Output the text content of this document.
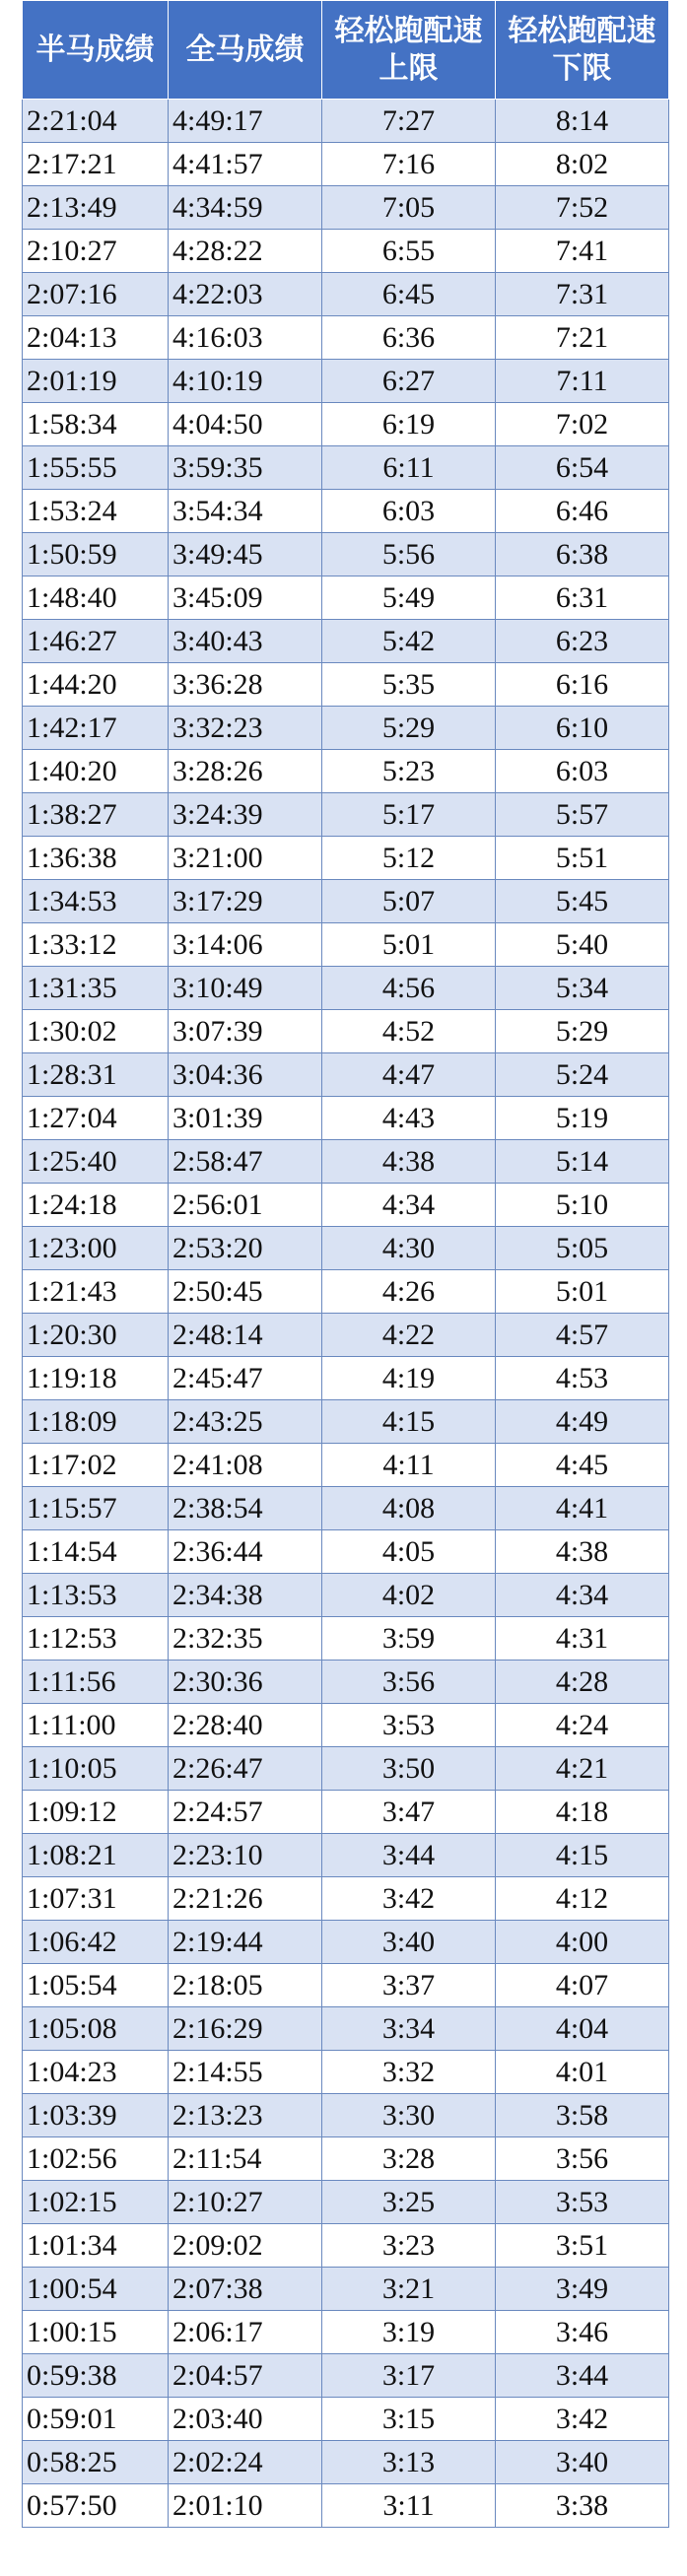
半马成绩	全马成绩	轻松跑配速上限	轻松跑配速下限
2:21:04	4:49:17	7:27	8:14
2:17:21	4:41:57	7:16	8:02
2:13:49	4:34:59	7:05	7:52
2:10:27	4:28:22	6:55	7:41
2:07:16	4:22:03	6:45	7:31
2:04:13	4:16:03	6:36	7:21
2:01:19	4:10:19	6:27	7:11
1:58:34	4:04:50	6:19	7:02
1:55:55	3:59:35	6:11	6:54
1:53:24	3:54:34	6:03	6:46
1:50:59	3:49:45	5:56	6:38
1:48:40	3:45:09	5:49	6:31
1:46:27	3:40:43	5:42	6:23
1:44:20	3:36:28	5:35	6:16
1:42:17	3:32:23	5:29	6:10
1:40:20	3:28:26	5:23	6:03
1:38:27	3:24:39	5:17	5:57
1:36:38	3:21:00	5:12	5:51
1:34:53	3:17:29	5:07	5:45
1:33:12	3:14:06	5:01	5:40
1:31:35	3:10:49	4:56	5:34
1:30:02	3:07:39	4:52	5:29
1:28:31	3:04:36	4:47	5:24
1:27:04	3:01:39	4:43	5:19
1:25:40	2:58:47	4:38	5:14
1:24:18	2:56:01	4:34	5:10
1:23:00	2:53:20	4:30	5:05
1:21:43	2:50:45	4:26	5:01
1:20:30	2:48:14	4:22	4:57
1:19:18	2:45:47	4:19	4:53
1:18:09	2:43:25	4:15	4:49
1:17:02	2:41:08	4:11	4:45
1:15:57	2:38:54	4:08	4:41
1:14:54	2:36:44	4:05	4:38
1:13:53	2:34:38	4:02	4:34
1:12:53	2:32:35	3:59	4:31
1:11:56	2:30:36	3:56	4:28
1:11:00	2:28:40	3:53	4:24
1:10:05	2:26:47	3:50	4:21
1:09:12	2:24:57	3:47	4:18
1:08:21	2:23:10	3:44	4:15
1:07:31	2:21:26	3:42	4:12
1:06:42	2:19:44	3:40	4:00
1:05:54	2:18:05	3:37	4:07
1:05:08	2:16:29	3:34	4:04
1:04:23	2:14:55	3:32	4:01
1:03:39	2:13:23	3:30	3:58
1:02:56	2:11:54	3:28	3:56
1:02:15	2:10:27	3:25	3:53
1:01:34	2:09:02	3:23	3:51
1:00:54	2:07:38	3:21	3:49
1:00:15	2:06:17	3:19	3:46
0:59:38	2:04:57	3:17	3:44
0:59:01	2:03:40	3:15	3:42
0:58:25	2:02:24	3:13	3:40
0:57:50	2:01:10	3:11	3:38
